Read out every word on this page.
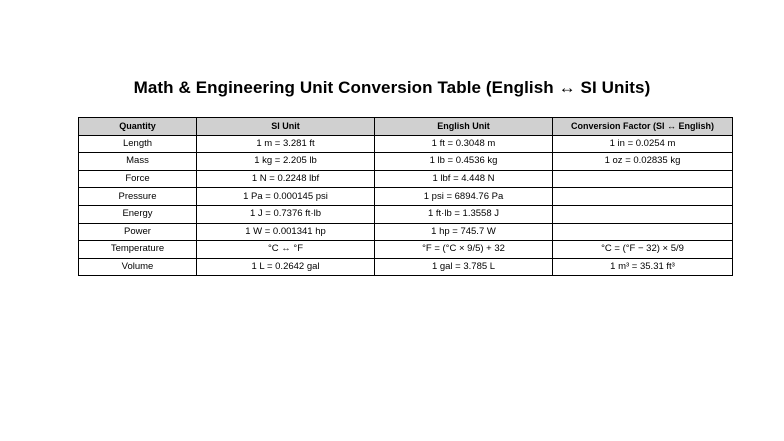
Math & Engineering Unit Conversion Table (English ↔ SI Units)
Quantity	SI Unit	English Unit	Conversion Factor (SI ↔ English)
Length	1 m = 3.281 ft	1 ft = 0.3048 m	1 in = 0.0254 m
Mass	1 kg = 2.205 lb	1 lb = 0.4536 kg	1 oz = 0.02835 kg
Force	1 N = 0.2248 lbf	1 lbf = 4.448 N	
Pressure	1 Pa = 0.000145 psi	1 psi = 6894.76 Pa	
Energy	1 J = 0.7376 ft·lb	1 ft·lb = 1.3558 J	
Power	1 W = 0.001341 hp	1 hp = 745.7 W	
Temperature	°C ↔ °F	°F = (°C × 9/5) + 32	°C = (°F − 32) × 5/9
Volume	1 L = 0.2642 gal	1 gal = 3.785 L	1 m³ = 35.31 ft³
